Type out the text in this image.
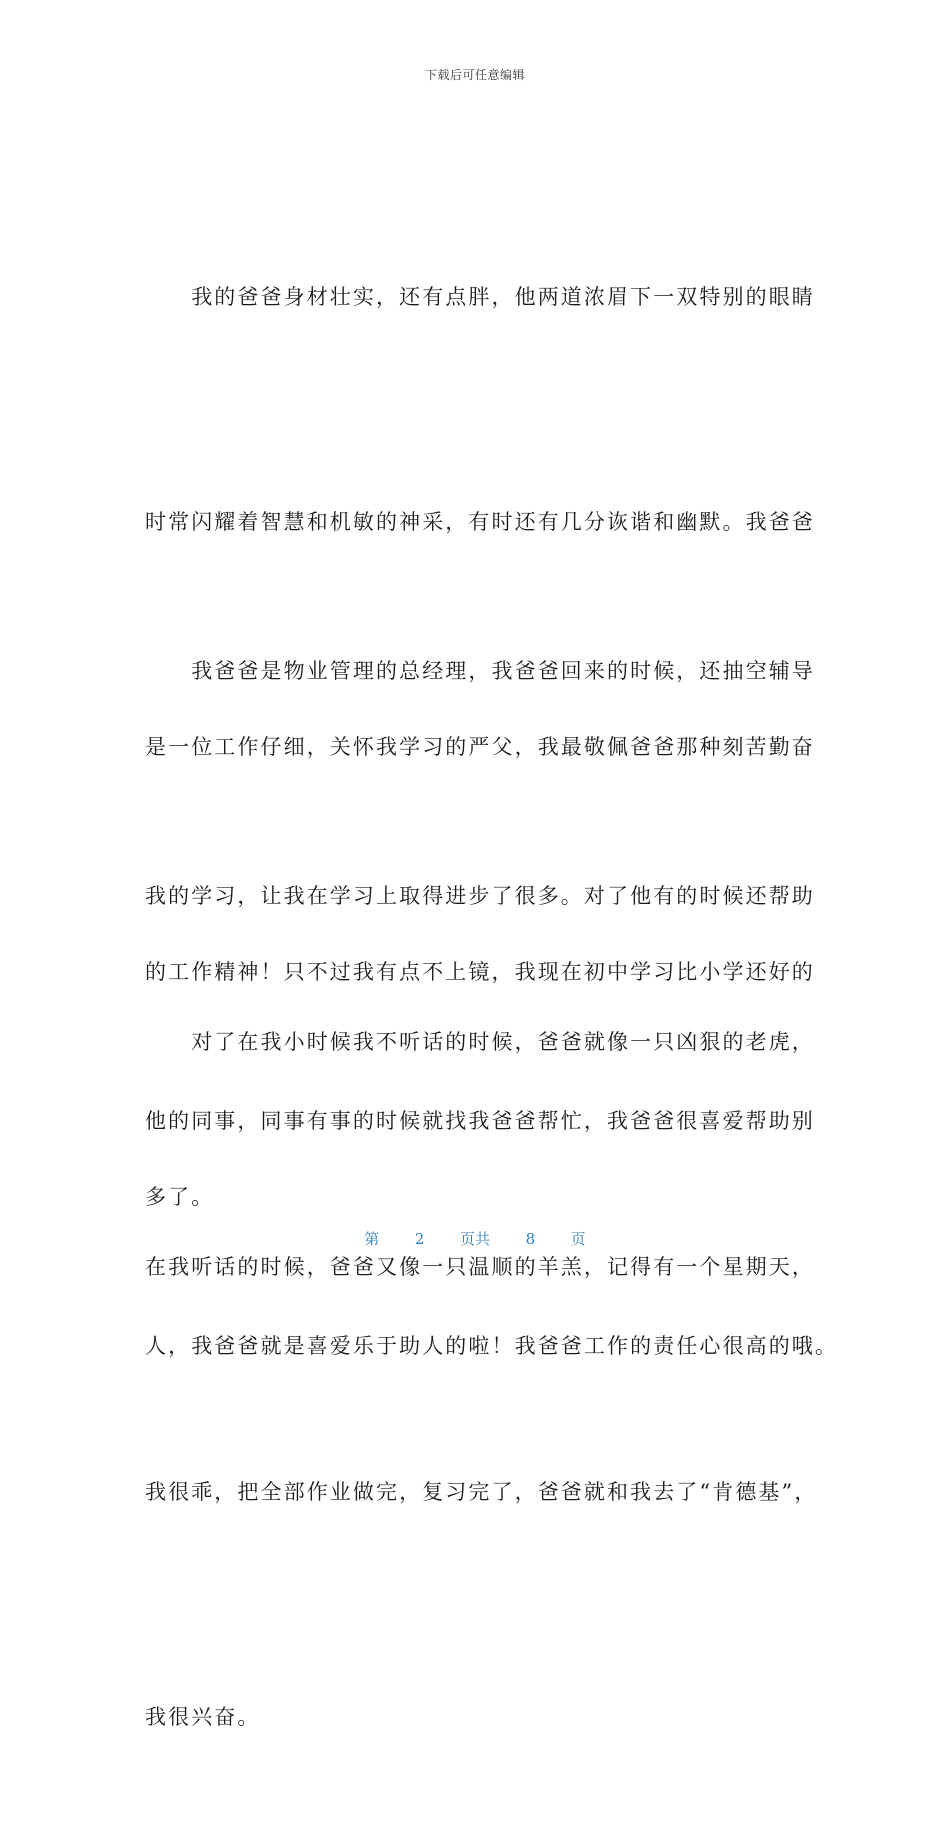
下载后可任意编辑

　　我的爸爸身材壮实，还有点胖，他两道浓眉下一双特别的眼睛

时常闪耀着智慧和机敏的神采，有时还有几分诙谐和幽默。我爸爸

是一位工作仔细，关怀我学习的严父，我最敬佩爸爸那种刻苦勤奋

的工作精神！只不过我有点不上镜，我现在初中学习比小学还好的

多了。

　　我爸爸是物业管理的总经理，我爸爸回来的时候，还抽空辅导

我的学习，让我在学习上取得进步了很多。对了他有的时候还帮助

他的同事，同事有事的时候就找我爸爸帮忙，我爸爸很喜爱帮助别

人，我爸爸就是喜爱乐于助人的啦！我爸爸工作的责任心很高的哦。

　　对了在我小时候我不听话的时候，爸爸就像一只凶狠的老虎，

在我听话的时候，爸爸又像一只温顺的羊羔，记得有一个星期天，

我很乖，把全部作业做完，复习完了，爸爸就和我去了“肯德基”，

我很兴奋。

第 2 页共 8 页
